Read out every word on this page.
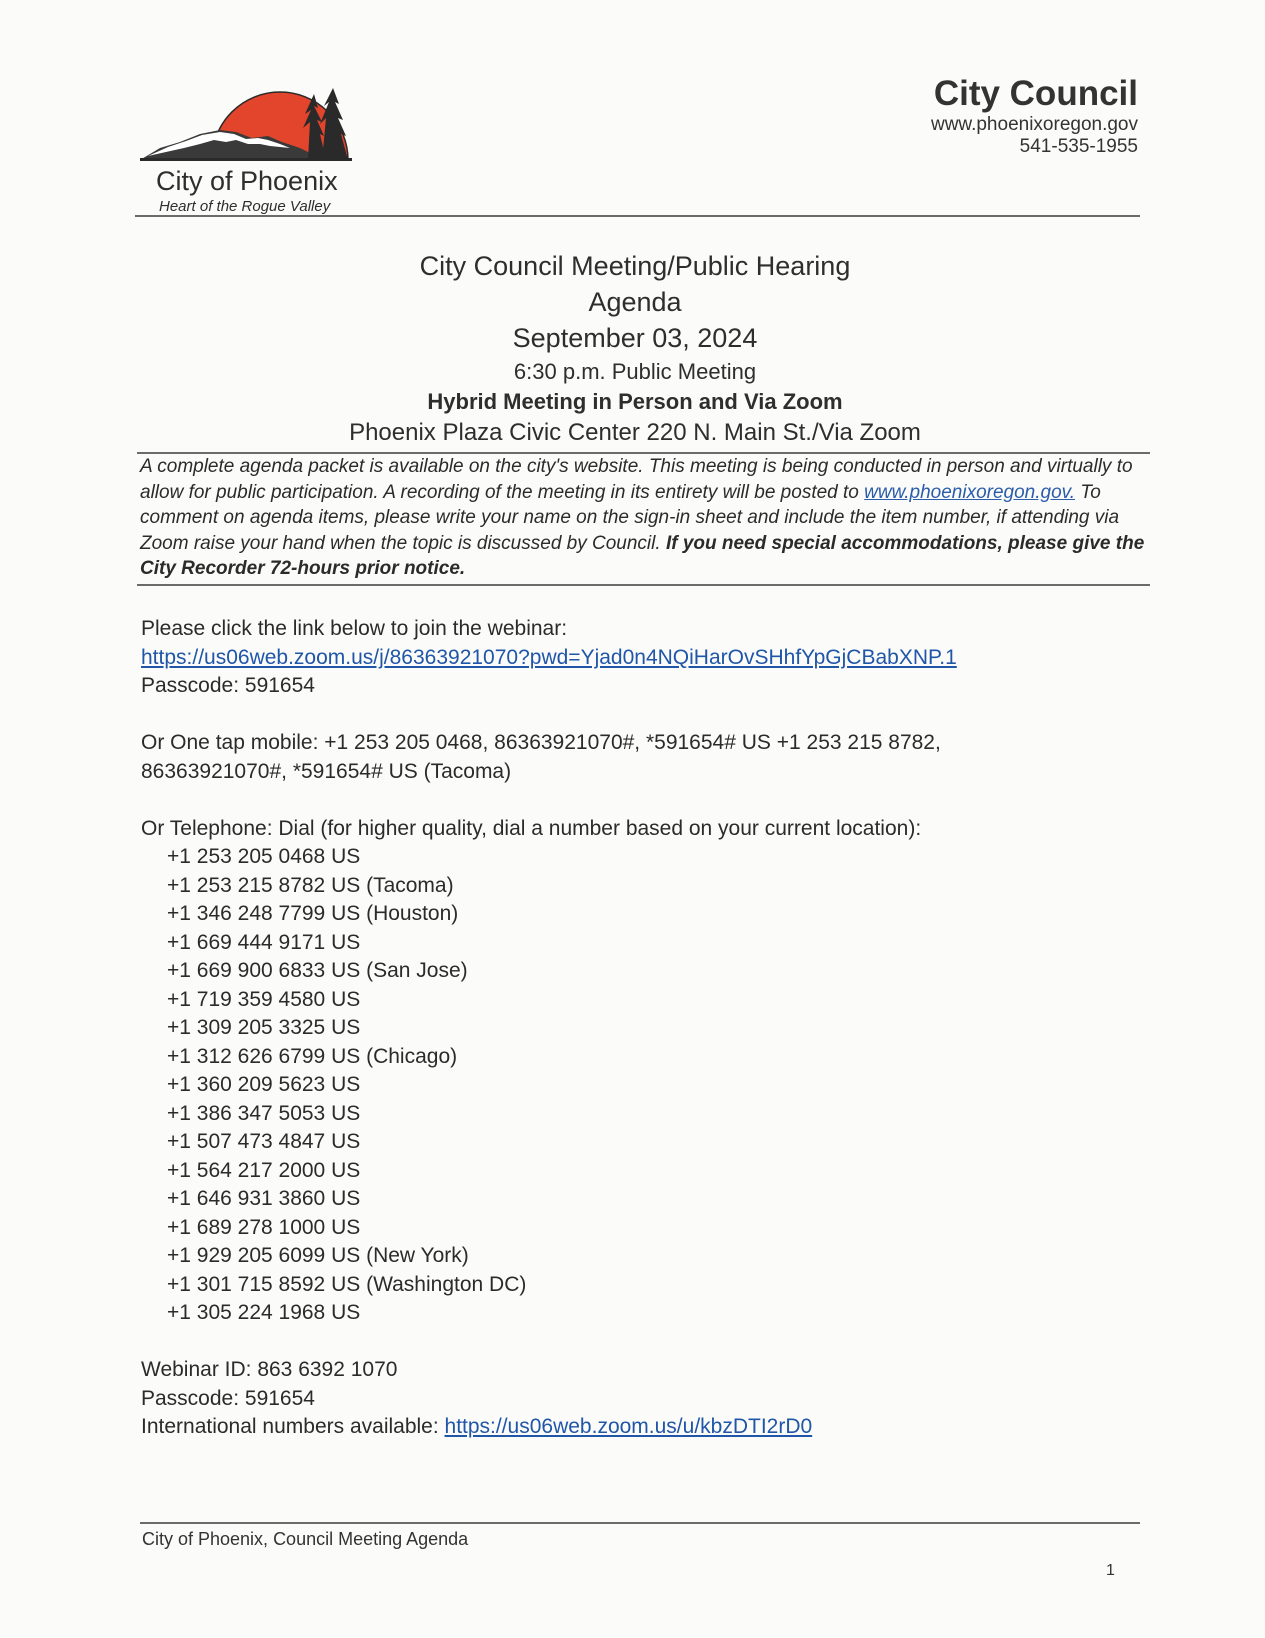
City of Phoenix
Heart of the Rogue Valley
City Council
www.phoenixoregon.gov
541-535-1955
City Council Meeting/Public Hearing
Agenda
September 03, 2024
6:30 p.m. Public Meeting
Hybrid Meeting in Person and Via Zoom
Phoenix Plaza Civic Center 220 N. Main St./Via Zoom
A complete agenda packet is available on the city's website. This meeting is being conducted in person and virtually to allow for public participation. A recording of the meeting in its entirety will be posted to www.phoenixoregon.gov. To comment on agenda items, please write your name on the sign-in sheet and include the item number, if attending via Zoom raise your hand when the topic is discussed by Council. If you need special accommodations, please give the City Recorder 72-hours prior notice.
Please click the link below to join the webinar:
https://us06web.zoom.us/j/86363921070?pwd=Yjad0n4NQiHarOvSHhfYpGjCBabXNP.1
Passcode: 591654
Or One tap mobile: +1 253 205 0468, 86363921070#, *591654# US +1 253 215 8782,
86363921070#, *591654# US (Tacoma)
Or Telephone: Dial (for higher quality, dial a number based on your current location):
+1 253 205 0468 US
+1 253 215 8782 US (Tacoma)
+1 346 248 7799 US (Houston)
+1 669 444 9171 US
+1 669 900 6833 US (San Jose)
+1 719 359 4580 US
+1 309 205 3325 US
+1 312 626 6799 US (Chicago)
+1 360 209 5623 US
+1 386 347 5053 US
+1 507 473 4847 US
+1 564 217 2000 US
+1 646 931 3860 US
+1 689 278 1000 US
+1 929 205 6099 US (New York)
+1 301 715 8592 US (Washington DC)
+1 305 224 1968 US
Webinar ID: 863 6392 1070
Passcode: 591654
International numbers available: https://us06web.zoom.us/u/kbzDTI2rD0
City of Phoenix, Council Meeting Agenda
1
